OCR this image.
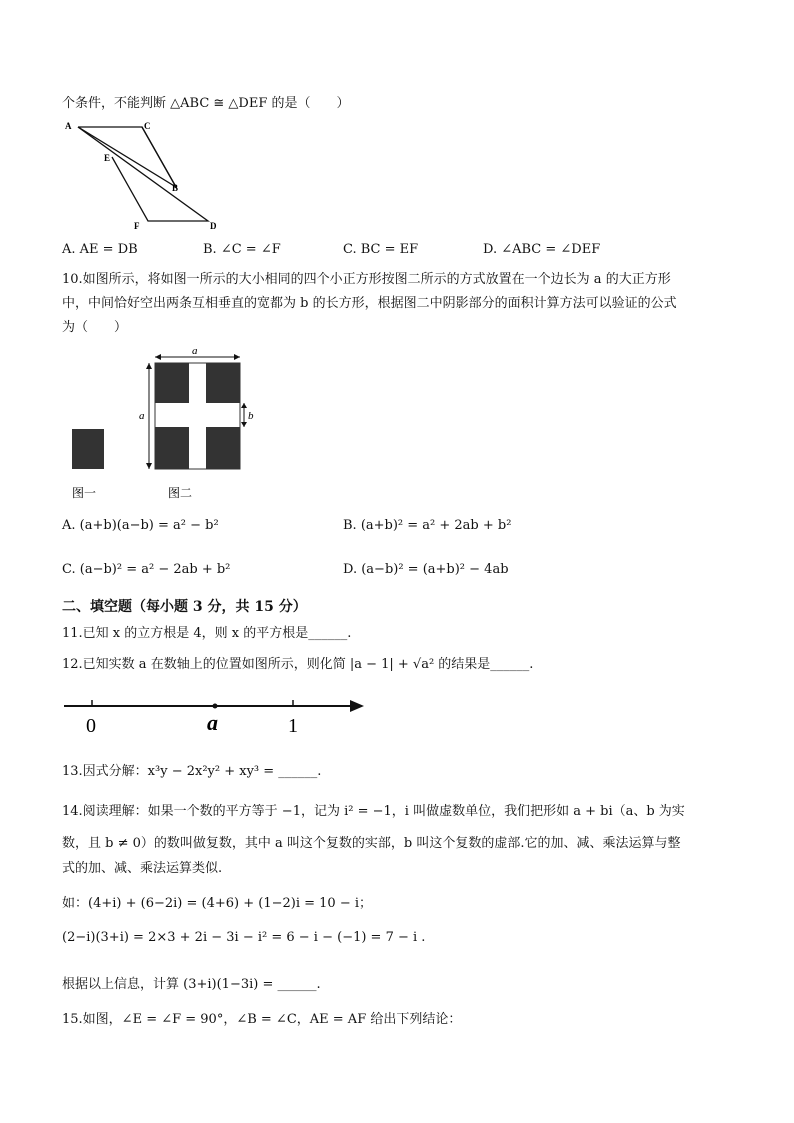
个条件，不能判断 △ABC ≅ △DEF 的是（　　）
A	C
E
B
F	D
A. AE = DB	B. ∠C = ∠F	C. BC = EF	D. ∠ABC = ∠DEF
10.如图所示，将如图一所示的大小相同的四个小正方形按图二所示的方式放置在一个边长为 a 的大正方形
中，中间恰好空出两条互相垂直的宽都为 b 的长方形，根据图二中阴影部分的面积计算方法可以验证的公式
为（　　）
a
a	b
图一	图二
A. (a+b)(a−b) = a² − b²	B. (a+b)² = a² + 2ab + b²
C. (a−b)² = a² − 2ab + b²	D. (a−b)² = (a+b)² − 4ab
二、填空题（每小题 3 分，共 15 分）
11.已知 x 的立方根是 4，则 x 的平方根是______.
12.已知实数 a 在数轴上的位置如图所示，则化简 |a − 1| + √a² 的结果是______.
0	a	1
13.因式分解：x³y − 2x²y² + xy³ = ______.
14.阅读理解：如果一个数的平方等于 −1，记为 i² = −1，i 叫做虚数单位，我们把形如 a + bi（a、b 为实
数，且 b ≠ 0）的数叫做复数，其中 a 叫这个复数的实部，b 叫这个复数的虚部.它的加、减、乘法运算与整
式的加、减、乘法运算类似.
如：(4+i) + (6−2i) = (4+6) + (1−2)i = 10 − i；
(2−i)(3+i) = 2×3 + 2i − 3i − i² = 6 − i − (−1) = 7 − i .
根据以上信息，计算 (3+i)(1−3i) = ______.
15.如图，∠E = ∠F = 90°，∠B = ∠C，AE = AF 给出下列结论：
